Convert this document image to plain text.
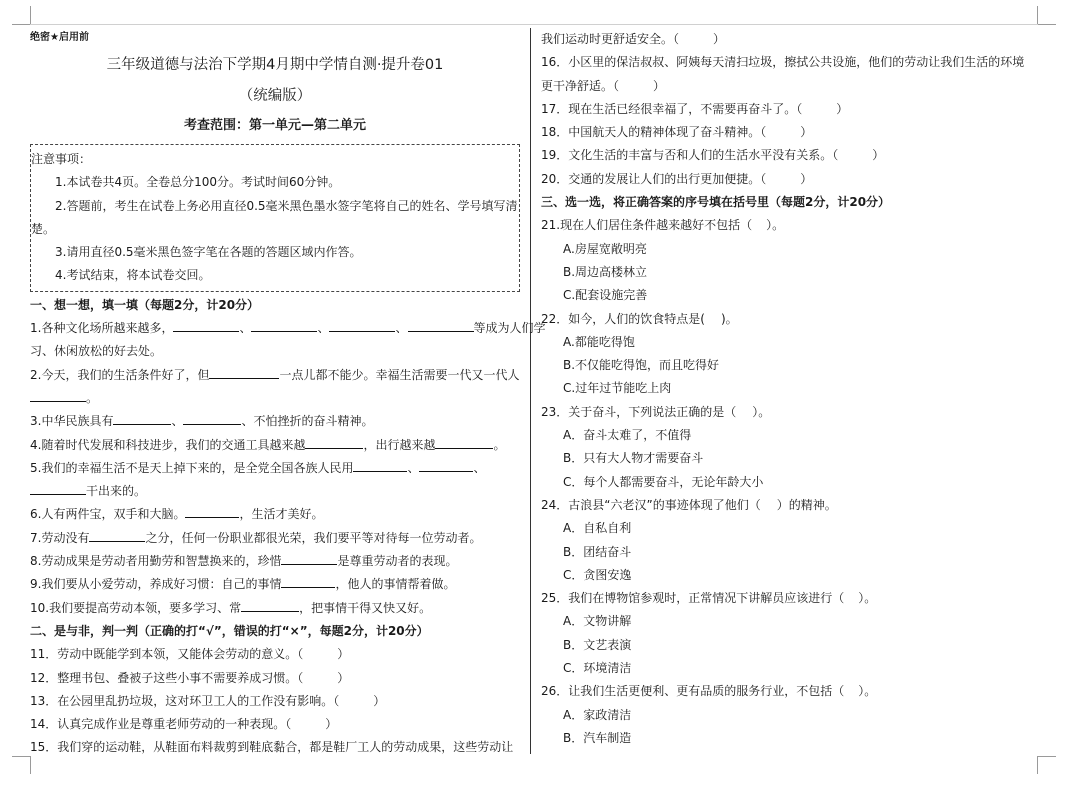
绝密★启用前
三年级道德与法治下学期4月期中学情自测·提升卷01
（统编版）
考查范围：第一单元—第二单元
注意事项：
1.本试卷共4页。全卷总分100分。考试时间60分钟。
2.答题前，考生在试卷上务必用直径0.5毫米黑色墨水签字笔将自己的姓名、学号填写清
楚。
3.请用直径0.5毫米黑色签字笔在各题的答题区域内作答。
4.考试结束，将本试卷交回。
一、想一想，填一填（每题2分，计20分）
1.各种文化场所越来越多，	、	、	、	等成为人们学
习、休闲放松的好去处。
2.今天，我们的生活条件好了，但	一点儿都不能少。幸福生活需要一代又一代人
。
3.中华民族具有	、	、不怕挫折的奋斗精神。
4.随着时代发展和科技进步，我们的交通工具越来越	，出行越来越	。
5.我们的幸福生活不是天上掉下来的，是全党全国各族人民用	、	、
干出来的。
6.人有两件宝，双手和大脑。	，生活才美好。
7.劳动没有	之分，任何一份职业都很光荣，我们要平等对待每一位劳动者。
8.劳动成果是劳动者用勤劳和智慧换来的，珍惜	是尊重劳动者的表现。
9.我们要从小爱劳动，养成好习惯：自己的事情	，他人的事情帮着做。
10.我们要提高劳动本领，要多学习、常	，把事情干得又快又好。
二、是与非，判一判（正确的打“√”，错误的打“×”，每题2分，计20分）
11．劳动中既能学到本领，又能体会劳动的意义。（	）
12．整理书包、叠被子这些小事不需要养成习惯。（	）
13．在公园里乱扔垃圾，这对环卫工人的工作没有影响。（	）
14．认真完成作业是尊重老师劳动的一种表现。（	）
15．我们穿的运动鞋，从鞋面布料裁剪到鞋底黏合，都是鞋厂工人的劳动成果，这些劳动让
我们运动时更舒适安全。（	）
16．小区里的保洁叔叔、阿姨每天清扫垃圾，擦拭公共设施，他们的劳动让我们生活的环境
更干净舒适。（	）
17．现在生活已经很幸福了，不需要再奋斗了。（	）
18．中国航天人的精神体现了奋斗精神。（	）
19．文化生活的丰富与否和人们的生活水平没有关系。（	）
20．交通的发展让人们的出行更加便捷。（	）
三、选一选，将正确答案的序号填在括号里（每题2分，计20分）
21.现在人们居住条件越来越好不包括（ ）。
A.房屋宽敞明亮
B.周边高楼林立
C.配套设施完善
22．如今，人们的饮食特点是( )。
A.都能吃得饱
B.不仅能吃得饱，而且吃得好
C.过年过节能吃上肉
23．关于奋斗，下列说法正确的是（ ）。
A．奋斗太难了，不值得
B．只有大人物才需要奋斗
C．每个人都需要奋斗，无论年龄大小
24．古浪县“六老汉”的事迹体现了他们（ ）的精神。
A．自私自利
B．团结奋斗
C．贪图安逸
25．我们在博物馆参观时，正常情况下讲解员应该进行（ ）。
A．文物讲解
B．文艺表演
C．环境清洁
26．让我们生活更便利、更有品质的服务行业，不包括（ ）。
A．家政清洁
B．汽车制造
